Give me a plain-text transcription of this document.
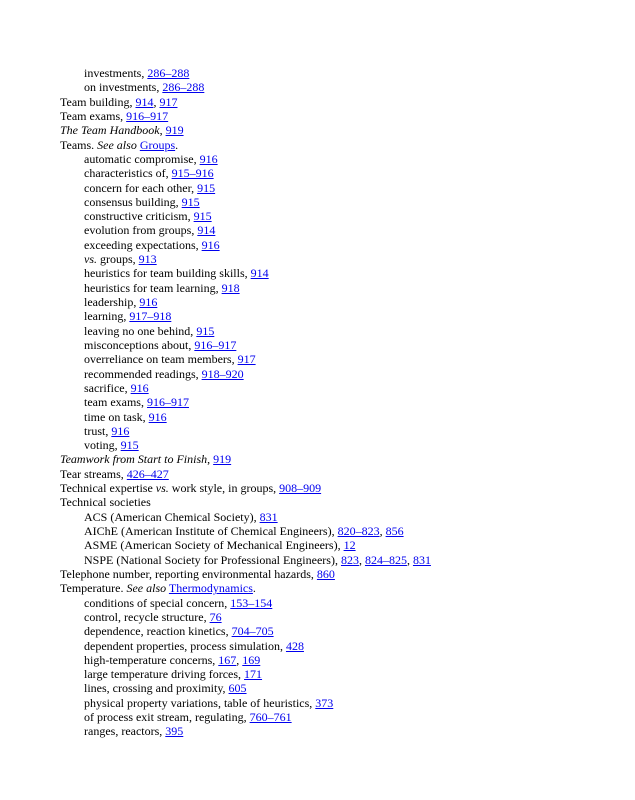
investments, 286–288
on investments, 286–288
Team building, 914, 917
Team exams, 916–917
The Team Handbook, 919
Teams. See also Groups.
automatic compromise, 916
characteristics of, 915–916
concern for each other, 915
consensus building, 915
constructive criticism, 915
evolution from groups, 914
exceeding expectations, 916
vs. groups, 913
heuristics for team building skills, 914
heuristics for team learning, 918
leadership, 916
learning, 917–918
leaving no one behind, 915
misconceptions about, 916–917
overreliance on team members, 917
recommended readings, 918–920
sacrifice, 916
team exams, 916–917
time on task, 916
trust, 916
voting, 915
Teamwork from Start to Finish, 919
Tear streams, 426–427
Technical expertise vs. work style, in groups, 908–909
Technical societies
ACS (American Chemical Society), 831
AIChE (American Institute of Chemical Engineers), 820–823, 856
ASME (American Society of Mechanical Engineers), 12
NSPE (National Society for Professional Engineers), 823, 824–825, 831
Telephone number, reporting environmental hazards, 860
Temperature. See also Thermodynamics.
conditions of special concern, 153–154
control, recycle structure, 76
dependence, reaction kinetics, 704–705
dependent properties, process simulation, 428
high-temperature concerns, 167, 169
large temperature driving forces, 171
lines, crossing and proximity, 605
physical property variations, table of heuristics, 373
of process exit stream, regulating, 760–761
ranges, reactors, 395
